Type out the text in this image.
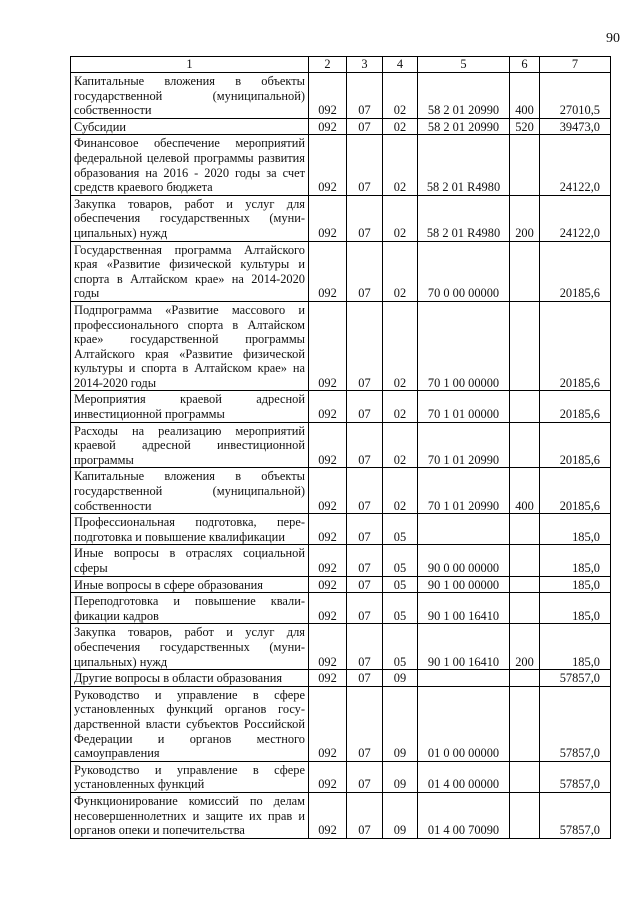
90
1	2	3	4	5	6	7
Капитальные вложения в объекты государственной (муниципальной) собственности	092	07	02	58 2 01 20990	400	27010,5
Субсидии	092	07	02	58 2 01 20990	520	39473,0
Финансовое обеспечение мероприятий федеральной целевой программы развития образования на 2016 - 2020 годы за счет средств краевого бюджета	092	07	02	58 2 01 R4980		24122,0
Закупка товаров, работ и услуг для обеспечения государственных (муниципальных) нужд	092	07	02	58 2 01 R4980	200	24122,0
Государственная программа Алтайского края «Развитие физической культуры и спорта в Алтайском крае» на 2014-2020 годы	092	07	02	70 0 00 00000		20185,6
Подпрограмма «Развитие массового и профессионального спорта в Алтайском крае» государственной программы Алтайского края «Развитие физической культуры и спорта в Алтайском крае» на 2014-2020 годы	092	07	02	70 1 00 00000		20185,6
Мероприятия краевой адресной инвестиционной программы	092	07	02	70 1 01 00000		20185,6
Расходы на реализацию мероприятий краевой адресной инвестиционной программы	092	07	02	70 1 01 20990		20185,6
Капитальные вложения в объекты государственной (муниципальной) собственности	092	07	02	70 1 01 20990	400	20185,6
Профессиональная подготовка, переподготовка и повышение квалификации	092	07	05			185,0
Иные вопросы в отраслях социальной сферы	092	07	05	90 0 00 00000		185,0
Иные вопросы в сфере образования	092	07	05	90 1 00 00000		185,0
Переподготовка и повышение квалификации кадров	092	07	05	90 1 00 16410		185,0
Закупка товаров, работ и услуг для обеспечения государственных (муниципальных) нужд	092	07	05	90 1 00 16410	200	185,0
Другие вопросы в области образования	092	07	09			57857,0
Руководство и управление в сфере установленных функций органов государственной власти субъектов Российской Федерации и органов местного самоуправления	092	07	09	01 0 00 00000		57857,0
Руководство и управление в сфере установленных функций	092	07	09	01 4 00 00000		57857,0
Функционирование комиссий по делам несовершеннолетних и защите их прав и органов опеки и попечительства	092	07	09	01 4 00 70090		57857,0
